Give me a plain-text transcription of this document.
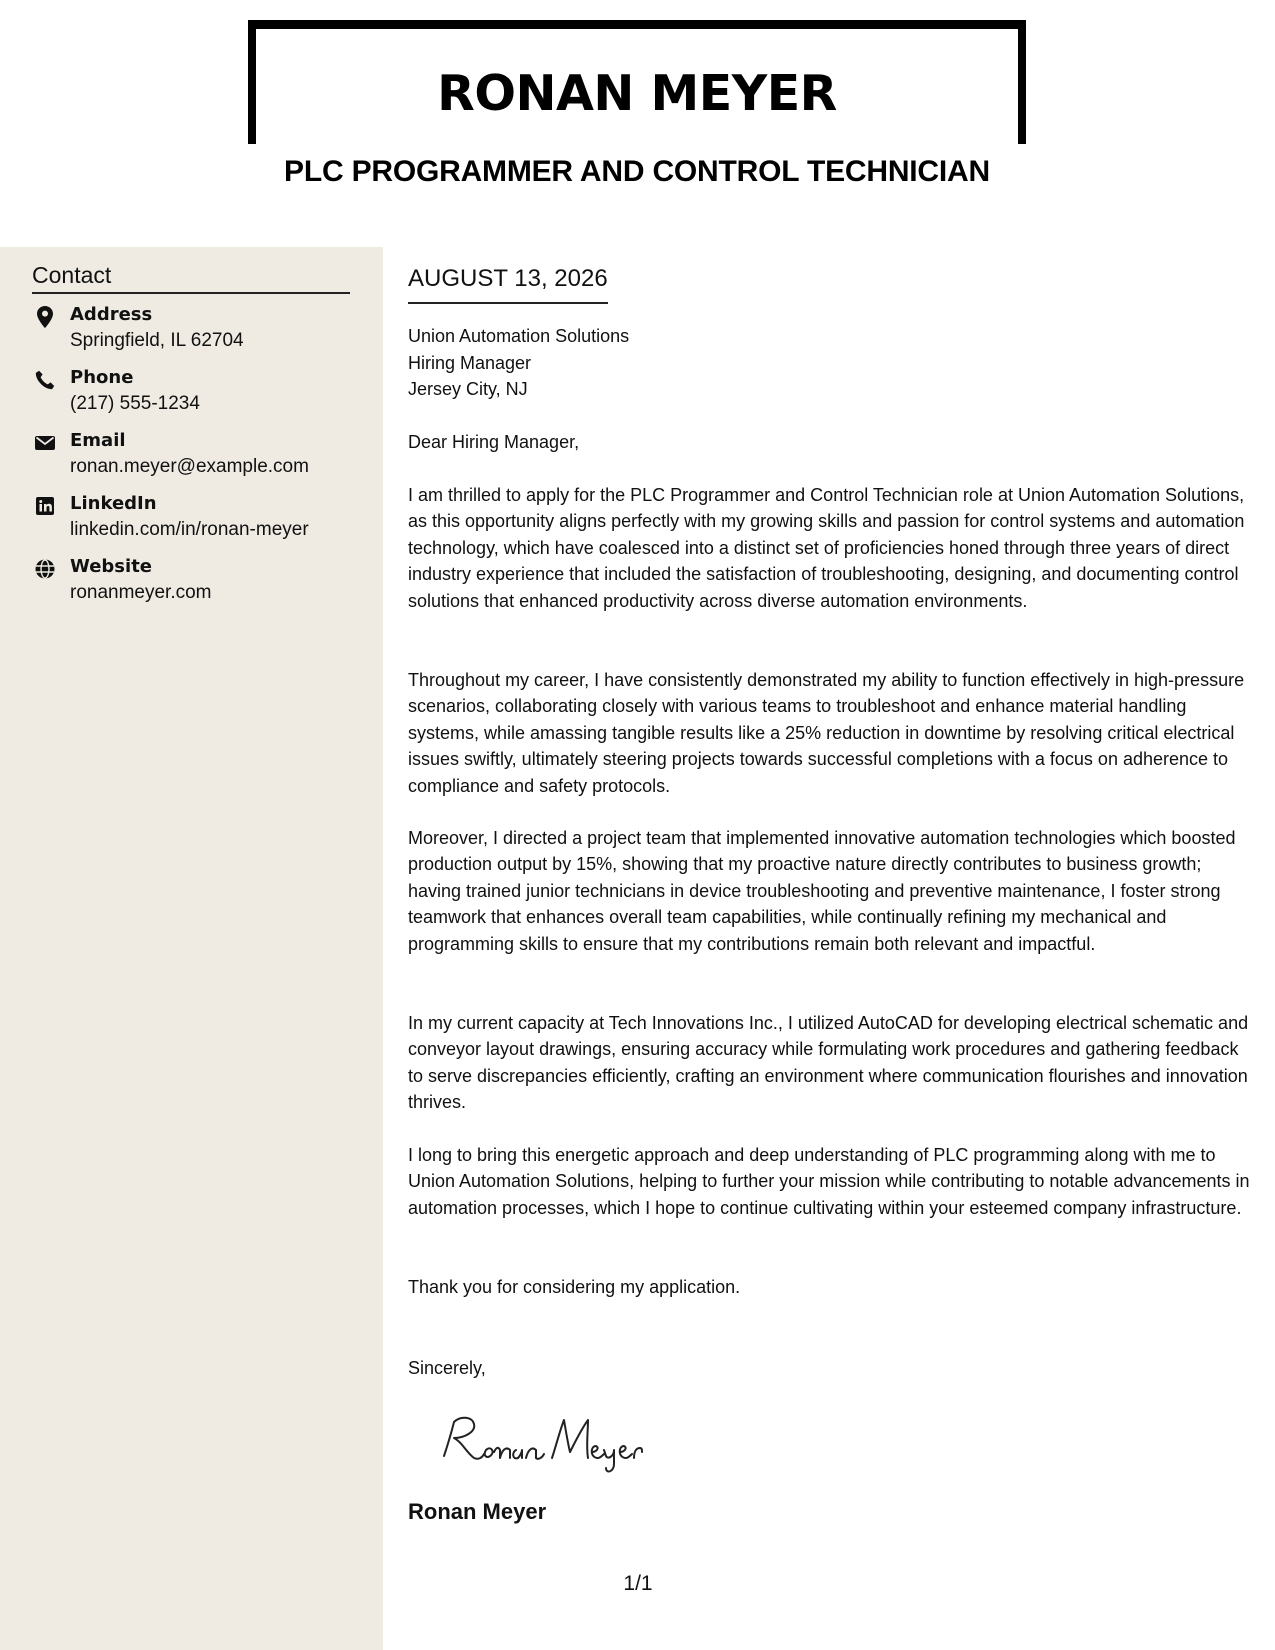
RONAN MEYER
PLC PROGRAMMER AND CONTROL TECHNICIAN
Contact
Address
Springfield, IL 62704
Phone
(217) 555-1234
Email
ronan.meyer@example.com
LinkedIn
linkedin.com/in/ronan-meyer
Website
ronanmeyer.com
AUGUST 13, 2026
Union Automation Solutions
Hiring Manager
Jersey City, NJ

Dear Hiring Manager,

I am thrilled to apply for the PLC Programmer and Control Technician role at Union Automation Solutions, as this opportunity aligns perfectly with my growing skills and passion for control systems and automation technology, which have coalesced into a distinct set of proficiencies honed through three years of direct industry experience that included the satisfaction of troubleshooting, designing, and documenting control solutions that enhanced productivity across diverse automation environments.

Throughout my career, I have consistently demonstrated my ability to function effectively in high-pressure scenarios, collaborating closely with various teams to troubleshoot and enhance material handling systems, while amassing tangible results like a 25% reduction in downtime by resolving critical electrical issues swiftly, ultimately steering projects towards successful completions with a focus on adherence to compliance and safety protocols.

Moreover, I directed a project team that implemented innovative automation technologies which boosted production output by 15%, showing that my proactive nature directly contributes to business growth; having trained junior technicians in device troubleshooting and preventive maintenance, I foster strong teamwork that enhances overall team capabilities, while continually refining my mechanical and programming skills to ensure that my contributions remain both relevant and impactful.

In my current capacity at Tech Innovations Inc., I utilized AutoCAD for developing electrical schematic and conveyor layout drawings, ensuring accuracy while formulating work procedures and gathering feedback to serve discrepancies efficiently, crafting an environment where communication flourishes and innovation thrives.

I long to bring this energetic approach and deep understanding of PLC programming along with me to Union Automation Solutions, helping to further your mission while contributing to notable advancements in automation processes, which I hope to continue cultivating within your esteemed company infrastructure.

Thank you for considering my application.

Sincerely,
Ronan Meyer
1/1
